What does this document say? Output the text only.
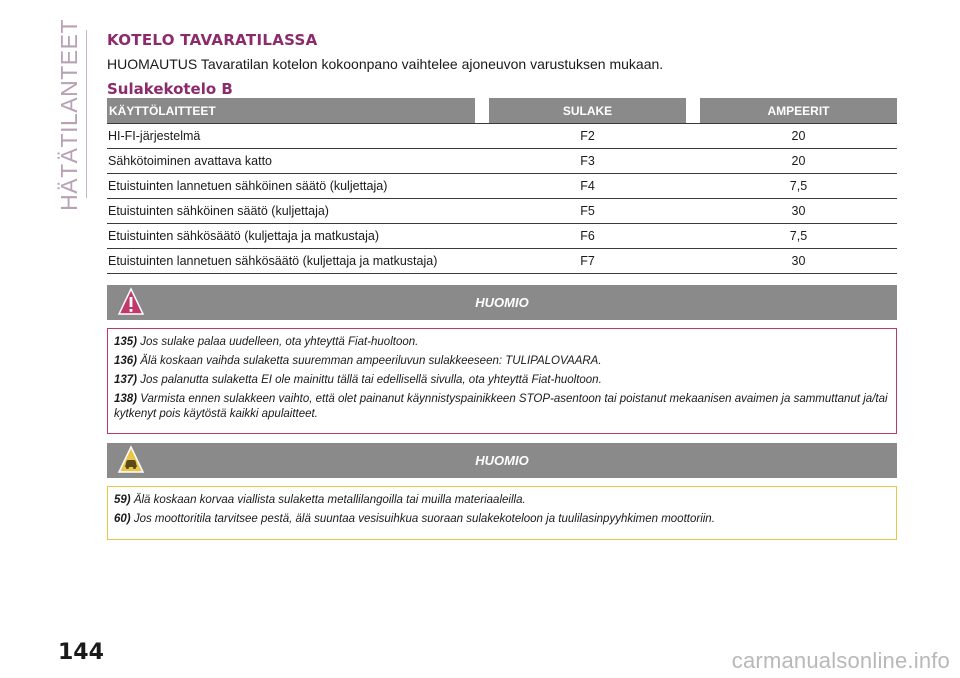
HÄTÄTILANTEET KOTELO TAVARATILASSA
HUOMAUTUS Tavaratilan kotelon kokoonpano vaihtelee ajoneuvon varustuksen mukaan.
Sulakekotelo B
KÄYTTÖLAITTEET	SULAKE	AMPEERIT
HI-FI-järjestelmä	F2	20
Sähkötoiminen avattava katto	F3	20
Etuistuinten lannetuen sähköinen säätö (kuljettaja)	F4	7,5
Etuistuinten sähköinen säätö (kuljettaja)	F5	30
Etuistuinten sähkösäätö (kuljettaja ja matkustaja)	F6	7,5
Etuistuinten lannetuen sähkösäätö (kuljettaja ja matkustaja)	F7	30
HUOMIO

135) Jos sulake palaa uudelleen, ota yhteyttä Fiat-huoltoon.

136) Älä koskaan vaihda sulaketta suuremman ampeeriluvun sulakkeeseen: TULIPALOVAARA.

137) Jos palanutta sulaketta EI ole mainittu tällä tai edellisellä sivulla, ota yhteyttä Fiat-huoltoon.

138) Varmista ennen sulakkeen vaihto, että olet painanut käynnistyspainikkeen STOP-asentoon tai poistanut mekaanisen avaimen ja sammuttanut ja/tai kytkenyt pois käytöstä kaikki apulaitteet.

HUOMIO

59) Älä koskaan korvaa viallista sulaketta metallilangoilla tai muilla materiaaleilla.

60) Jos moottoritila tarvitsee pestä, älä suuntaa vesisuihkua suoraan sulakekoteloon ja tuulilasinpyyhkimen moottoriin.

144	carmanualsonline.info
